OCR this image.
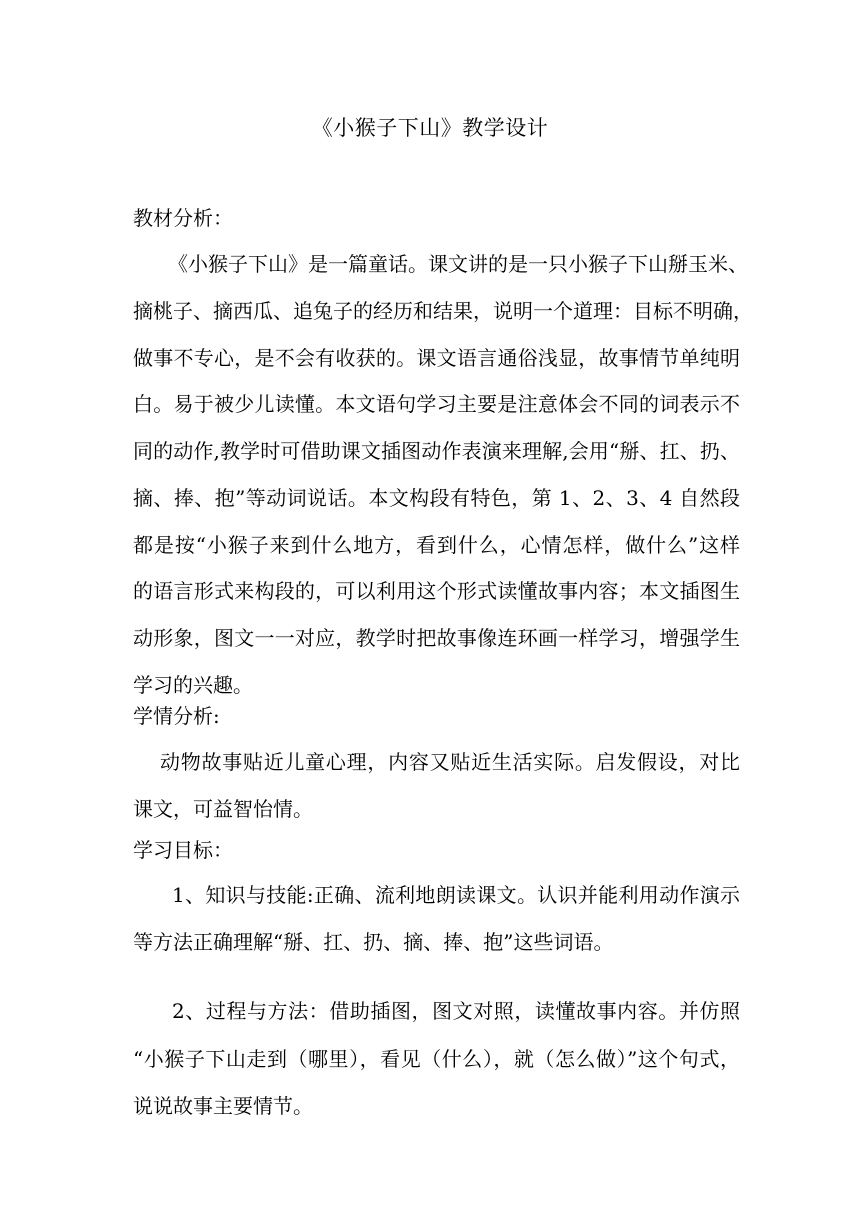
《小猴子下山》教学设计
教材分析：
《小猴子下山》是一篇童话。课文讲的是一只小猴子下山掰玉米、
摘桃子、摘西瓜、追兔子的经历和结果，说明一个道理：目标不明确，
做事不专心，是不会有收获的。课文语言通俗浅显，故事情节单纯明
白。易于被少儿读懂。本文语句学习主要是注意体会不同的词表示不
同的动作,教学时可借助课文插图动作表演来理解,会用“掰、扛、扔、
摘、捧、抱”等动词说话。本文构段有特色，第 1、2、3、4 自然段
都是按“小猴子来到什么地方，看到什么，心情怎样，做什么”这样
的语言形式来构段的，可以利用这个形式读懂故事内容；本文插图生
动形象，图文一一对应，教学时把故事像连环画一样学习，增强学生
学习的兴趣。
学情分析:
动物故事贴近儿童心理，内容又贴近生活实际。启发假设，对比
课文，可益智怡情。
学习目标：
1、知识与技能:正确、流利地朗读课文。认识并能利用动作演示
等方法正确理解“掰、扛、扔、摘、捧、抱”这些词语。
2、过程与方法：借助插图，图文对照，读懂故事内容。并仿照
“小猴子下山走到（哪里），看见（什么），就（怎么做）”这个句式，
说说故事主要情节。
